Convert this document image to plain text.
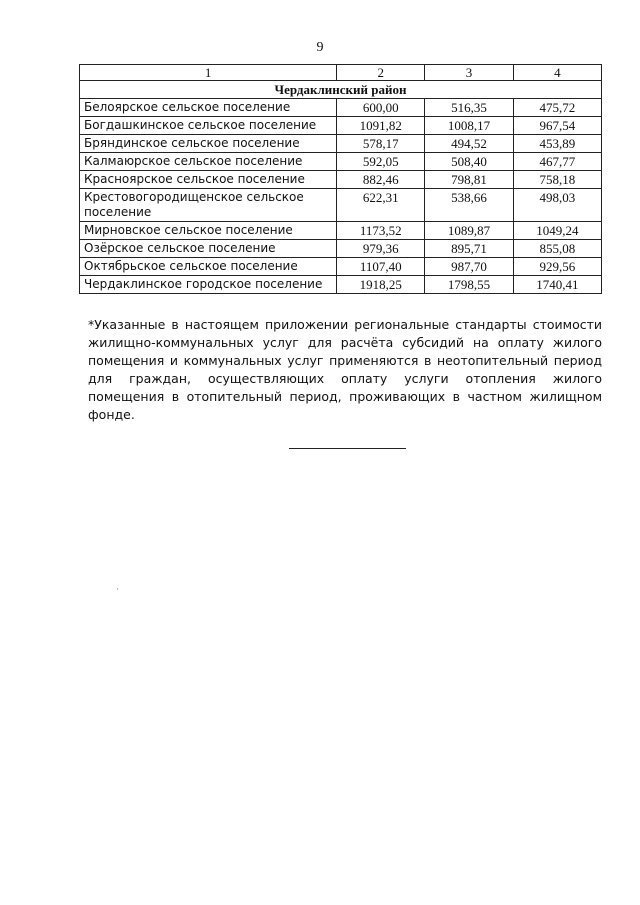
9
1	2	3	4
Чердаклинский район			
Белоярское сельское поселение	600,00	516,35	475,72
Богдашкинское сельское поселение	1091,82	1008,17	967,54
Бряндинское сельское поселение	578,17	494,52	453,89
Калмаюрское сельское поселение	592,05	508,40	467,77
Красноярское сельское поселение	882,46	798,81	758,18
Крестовогородищенское сельское поселение	622,31	538,66	498,03
Мирновское сельское поселение	1173,52	1089,87	1049,24
Озёрское сельское поселение	979,36	895,71	855,08
Октябрьское сельское поселение	1107,40	987,70	929,56
Чердаклинское городское поселение	1918,25	1798,55	1740,41
*Указанные в настоящем приложении региональные стандарты стоимости жилищно-коммунальных услуг для расчёта субсидий на оплату жилого помещения и коммунальных услуг применяются в неотопительный период для граждан, осуществляющих оплату услуги отопления жилого помещения в отопительный период, проживающих в частном жилищном фонде.
